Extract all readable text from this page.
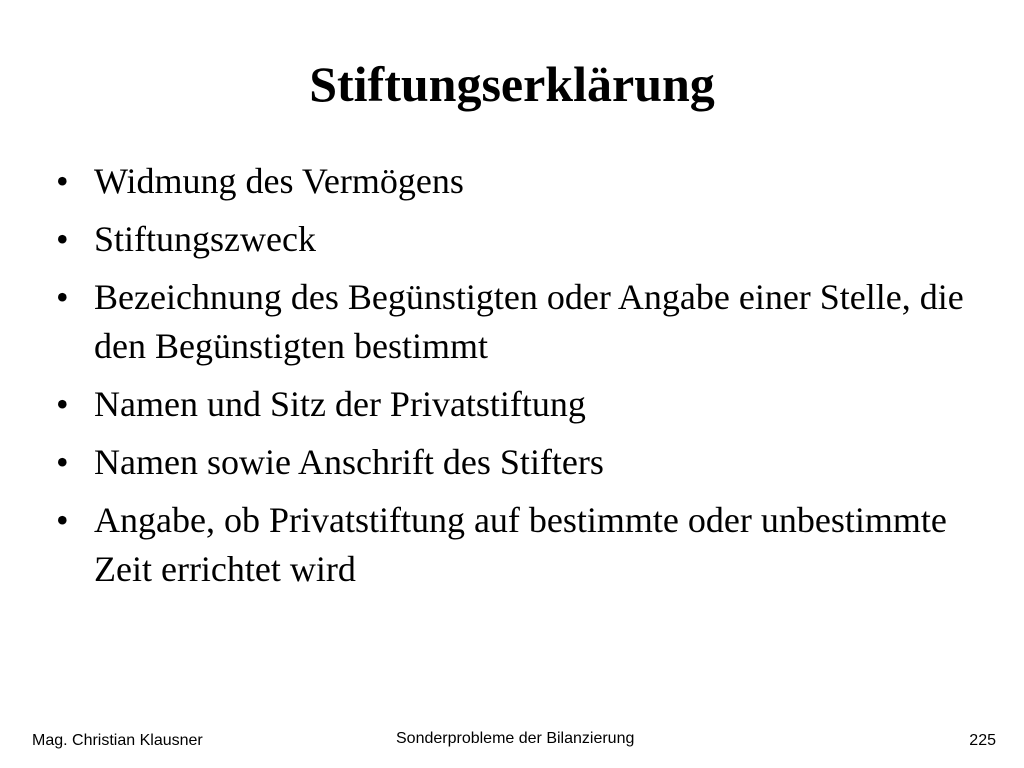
Stiftungserklärung
• Widmung des Vermögens
• Stiftungszweck
• Bezeichnung des Begünstigten oder Angabe einer Stelle, die den Begünstigten bestimmt
• Namen und Sitz der Privatstiftung
• Namen sowie Anschrift des Stifters
• Angabe, ob Privatstiftung auf bestimmte oder unbestimmte Zeit errichtet wird
Mag. Christian Klausner	Sonderprobleme der Bilanzierung	225
